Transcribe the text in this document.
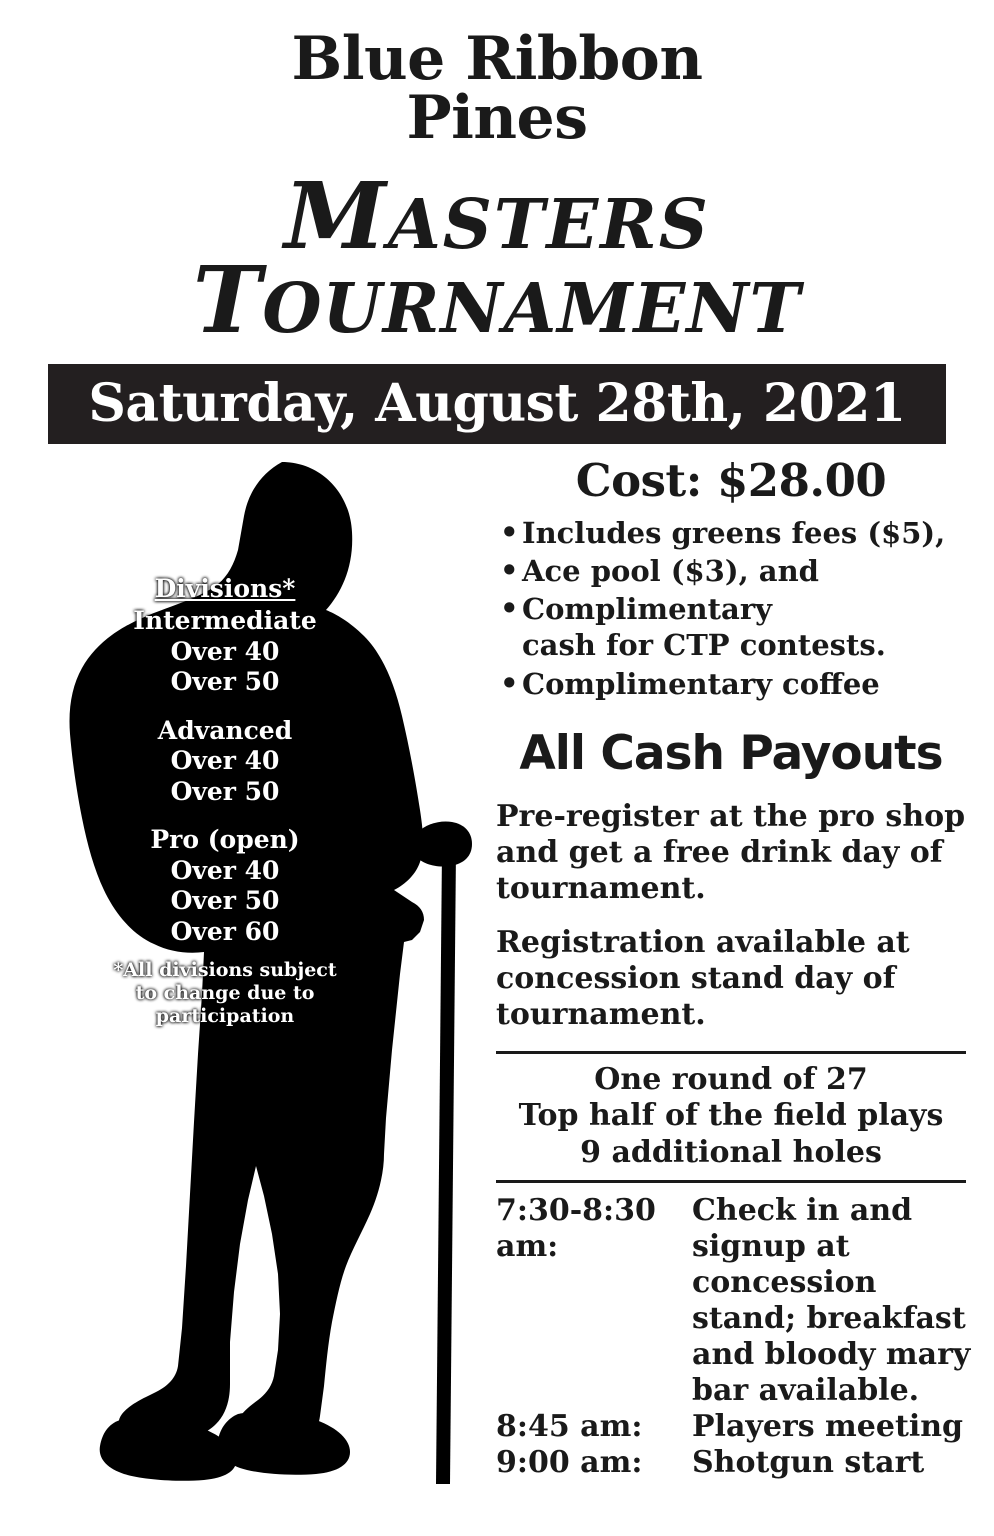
Blue Ribbon
Pines
MASTERS
TOURNAMENT
Saturday, August 28th, 2021
Divisions*
Intermediate
Over 40
Over 50
Advanced
Over 40
Over 50
Pro (open)
Over 40
Over 50
Over 60
*All divisions subject
to change due to
participation
Cost: $28.00
• Includes greens fees ($5),
• Ace pool ($3), and
• Complimentary
cash for CTP contests.
• Complimentary coffee
All Cash Payouts

Pre-register at the pro shop and get a free drink day of tournament.

Registration available at concession stand day of tournament.

One round of 27
Top half of the field plays
9 additional holes
7:30-8:30 am:
Check in and signup at concession stand; breakfast and bloody mary bar available.
8:45 am:	Players meeting
9:00 am:	Shotgun start
